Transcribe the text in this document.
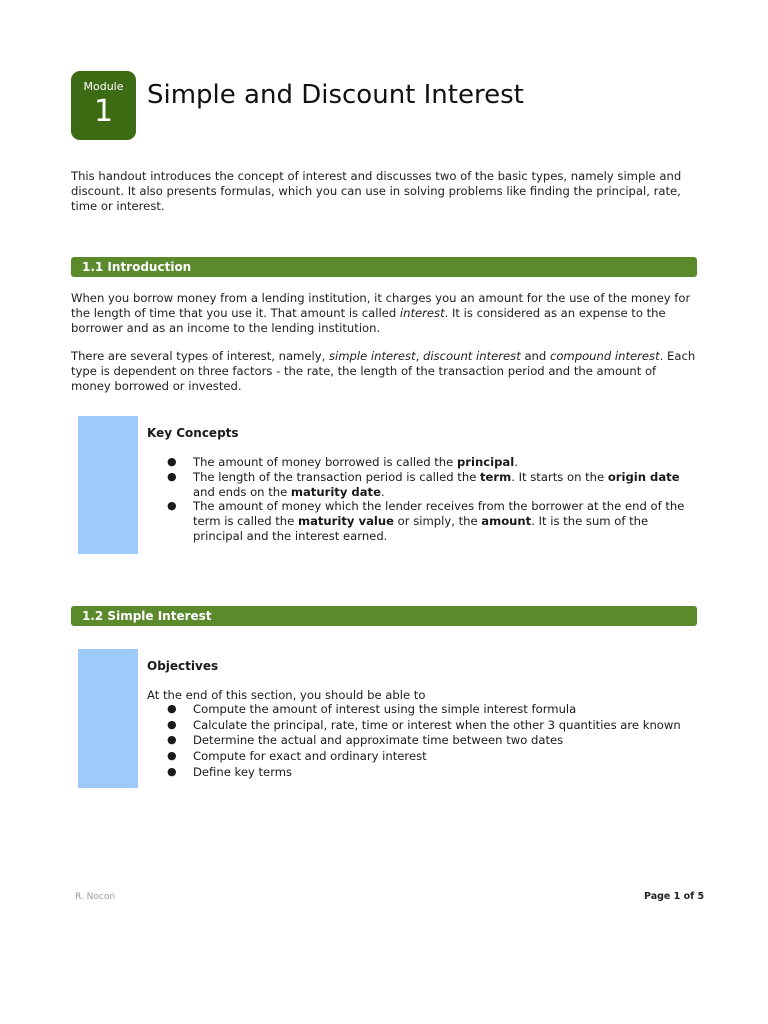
Module
1	Simple and Discount Interest
This handout introduces the concept of interest and discusses two of the basic types, namely simple and discount. It also presents formulas, which you can use in solving problems like finding the principal, rate, time or interest.
1.1 Introduction
When you borrow money from a lending institution, it charges you an amount for the use of the money for the length of time that you use it. That amount is called interest. It is considered as an expense to the borrower and as an income to the lending institution.
There are several types of interest, namely, simple interest, discount interest and compound interest. Each type is dependent on three factors - the rate, the length of the transaction period and the amount of money borrowed or invested.
Key Concepts
● The amount of money borrowed is called the principal.
● The length of the transaction period is called the term. It starts on the origin date and ends on the maturity date.
● The amount of money which the lender receives from the borrower at the end of the term is called the maturity value or simply, the amount. It is the sum of the principal and the interest earned.
1.2 Simple Interest
Objectives
At the end of this section, you should be able to
● Compute the amount of interest using the simple interest formula
● Calculate the principal, rate, time or interest when the other 3 quantities are known
● Determine the actual and approximate time between two dates
● Compute for exact and ordinary interest
● Define key terms
R. Nocon	Page 1 of 5
